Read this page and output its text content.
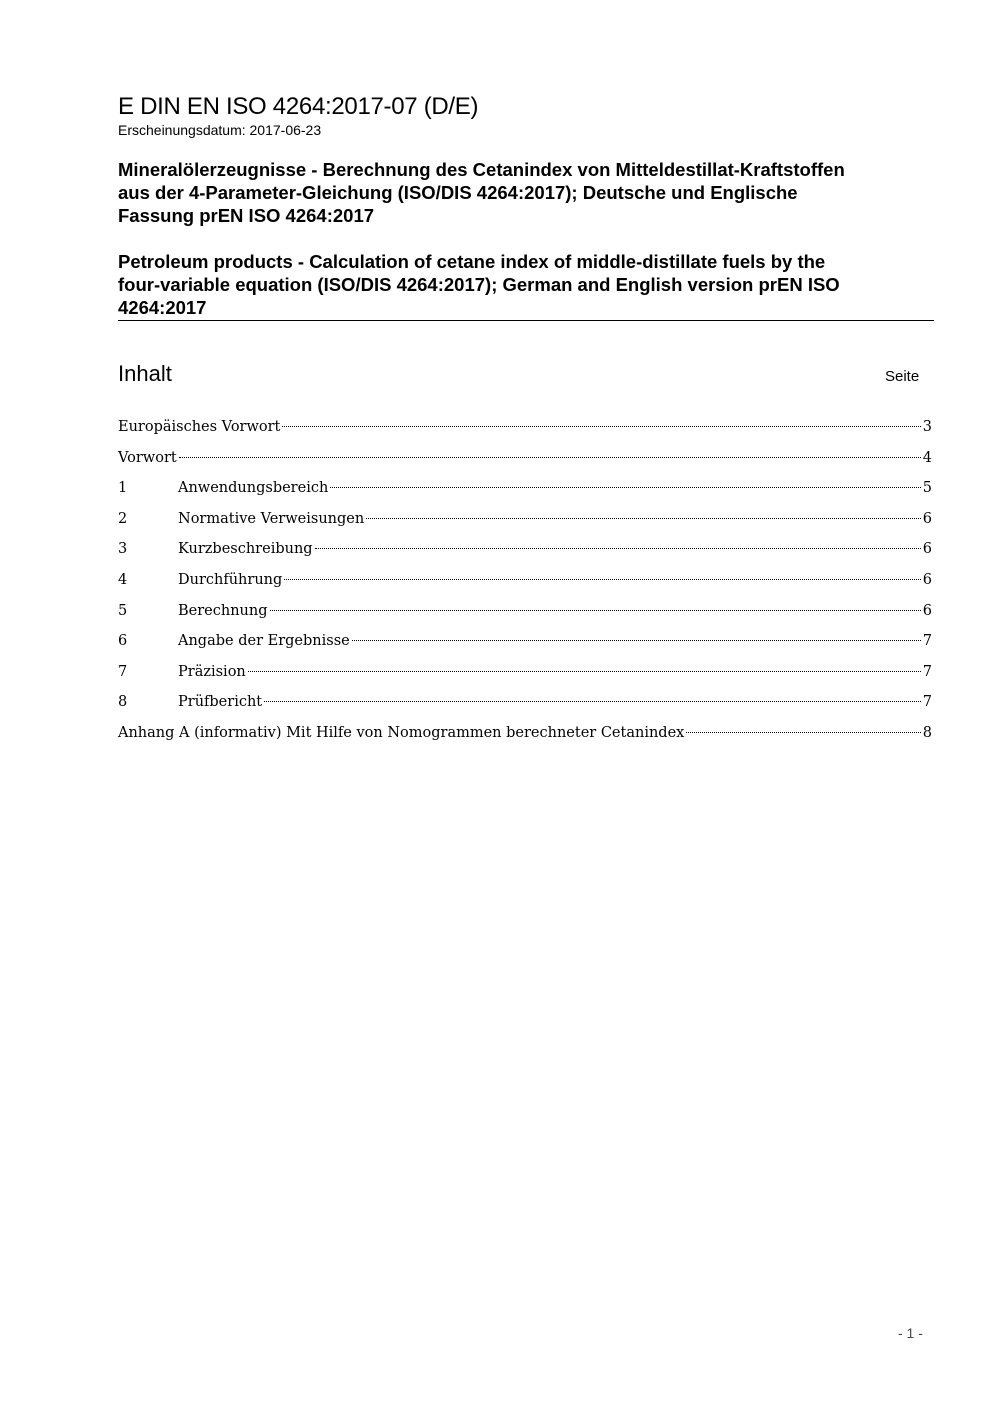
E DIN EN ISO 4264:2017-07 (D/E)
Erscheinungsdatum: 2017-06-23
Mineralölerzeugnisse - Berechnung des Cetanindex von Mitteldestillat-Kraftstoffen
aus der 4-Parameter-Gleichung (ISO/DIS 4264:2017); Deutsche und Englische
Fassung prEN ISO 4264:2017
Petroleum products - Calculation of cetane index of middle-distillate fuels by the
four-variable equation (ISO/DIS 4264:2017); German and English version prEN ISO
4264:2017
Inhalt	Seite
Europäisches Vorwort	3
Vorwort	4
1	Anwendungsbereich	5
2	Normative Verweisungen	6
3	Kurzbeschreibung	6
4	Durchführung	6
5	Berechnung	6
6	Angabe der Ergebnisse	7
7	Präzision	7
8	Prüfbericht	7
Anhang A (informativ) Mit Hilfe von Nomogrammen berechneter Cetanindex	8
- 1 -
